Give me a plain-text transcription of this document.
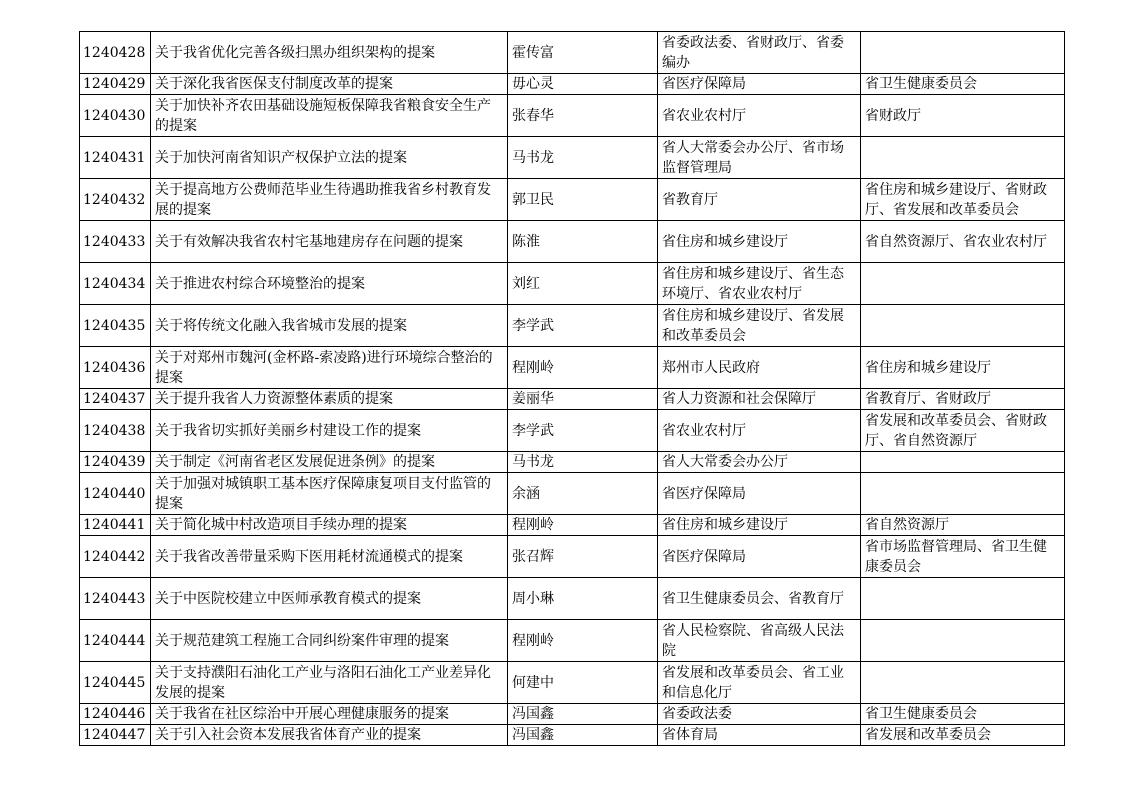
1240428	关于我省优化完善各级扫黑办组织架构的提案	霍传富	省委政法委、省财政厅、省委编办	
1240429	关于深化我省医保支付制度改革的提案	毋心灵	省医疗保障局	省卫生健康委员会
1240430	关于加快补齐农田基础设施短板保障我省粮食安全生产的提案	张春华	省农业农村厅	省财政厅
1240431	关于加快河南省知识产权保护立法的提案	马书龙	省人大常委会办公厅、省市场监督管理局	
1240432	关于提高地方公费师范毕业生待遇助推我省乡村教育发展的提案	郭卫民	省教育厅	省住房和城乡建设厅、省财政厅、省发展和改革委员会
1240433	关于有效解决我省农村宅基地建房存在问题的提案	陈淮	省住房和城乡建设厅	省自然资源厅、省农业农村厅
1240434	关于推进农村综合环境整治的提案	刘红	省住房和城乡建设厅、省生态环境厅、省农业农村厅	
1240435	关于将传统文化融入我省城市发展的提案	李学武	省住房和城乡建设厅、省发展和改革委员会	
1240436	关于对郑州市魏河(金杯路-索凌路)进行环境综合整治的提案	程刚岭	郑州市人民政府	省住房和城乡建设厅
1240437	关于提升我省人力资源整体素质的提案	姜丽华	省人力资源和社会保障厅	省教育厅、省财政厅
1240438	关于我省切实抓好美丽乡村建设工作的提案	李学武	省农业农村厅	省发展和改革委员会、省财政厅、省自然资源厅
1240439	关于制定《河南省老区发展促进条例》的提案	马书龙	省人大常委会办公厅	
1240440	关于加强对城镇职工基本医疗保障康复项目支付监管的提案	余涵	省医疗保障局	
1240441	关于简化城中村改造项目手续办理的提案	程刚岭	省住房和城乡建设厅	省自然资源厅
1240442	关于我省改善带量采购下医用耗材流通模式的提案	张召辉	省医疗保障局	省市场监督管理局、省卫生健康委员会
1240443	关于中医院校建立中医师承教育模式的提案	周小琳	省卫生健康委员会、省教育厅	
1240444	关于规范建筑工程施工合同纠纷案件审理的提案	程刚岭	省人民检察院、省高级人民法院	
1240445	关于支持濮阳石油化工产业与洛阳石油化工产业差异化发展的提案	何建中	省发展和改革委员会、省工业和信息化厅	
1240446	关于我省在社区综治中开展心理健康服务的提案	冯国鑫	省委政法委	省卫生健康委员会
1240447	关于引入社会资本发展我省体育产业的提案	冯国鑫	省体育局	省发展和改革委员会
